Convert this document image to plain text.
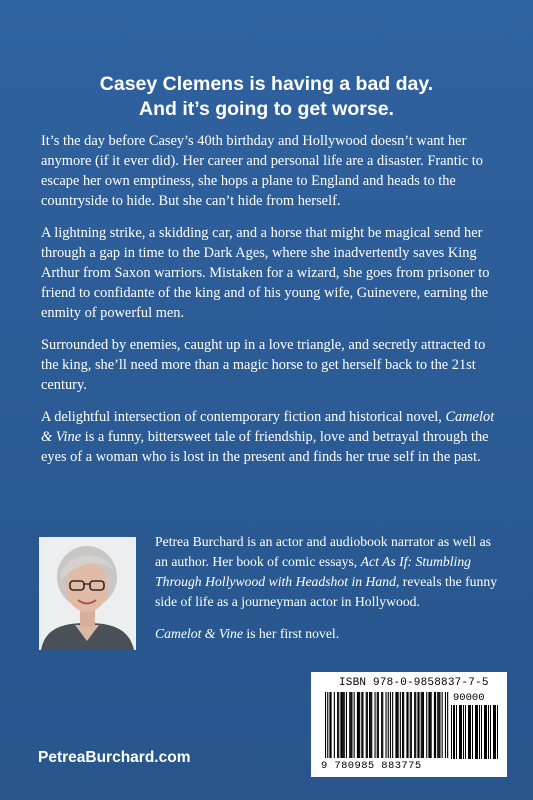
Casey Clemens is having a bad day.
And it’s going to get worse.

It’s the day before Casey’s 40th birthday and Hollywood doesn’t want her anymore (if it ever did). Her career and personal life are a disaster. Frantic to escape her own emptiness, she hops a plane to England and heads to the countryside to hide. But she can’t hide from herself.

A lightning strike, a skidding car, and a horse that might be magical send her through a gap in time to the Dark Ages, where she inadvertently saves King Arthur from Saxon warriors. Mistaken for a wizard, she goes from prisoner to friend to confidante of the king and of his young wife, Guinevere, earning the enmity of powerful men.

Surrounded by enemies, caught up in a love triangle, and secretly attracted to the king, she’ll need more than a magic horse to get herself back to the 21st century.

A delightful intersection of contemporary fiction and historical novel, Camelot & Vine is a funny, bittersweet tale of friendship, love and betrayal through the eyes of a woman who is lost in the present and finds her true self in the past.

Petrea Burchard is an actor and audiobook narrator as well as an author. Her book of comic essays, Act As If: Stumbling Through Hollywood with Headshot in Hand, reveals the funny side of life as a journeyman actor in Hollywood.

Camelot & Vine is her first novel.

PetreaBurchard.com
ISBN 978-0-9858837-7-5
90000
9 780985 883775
